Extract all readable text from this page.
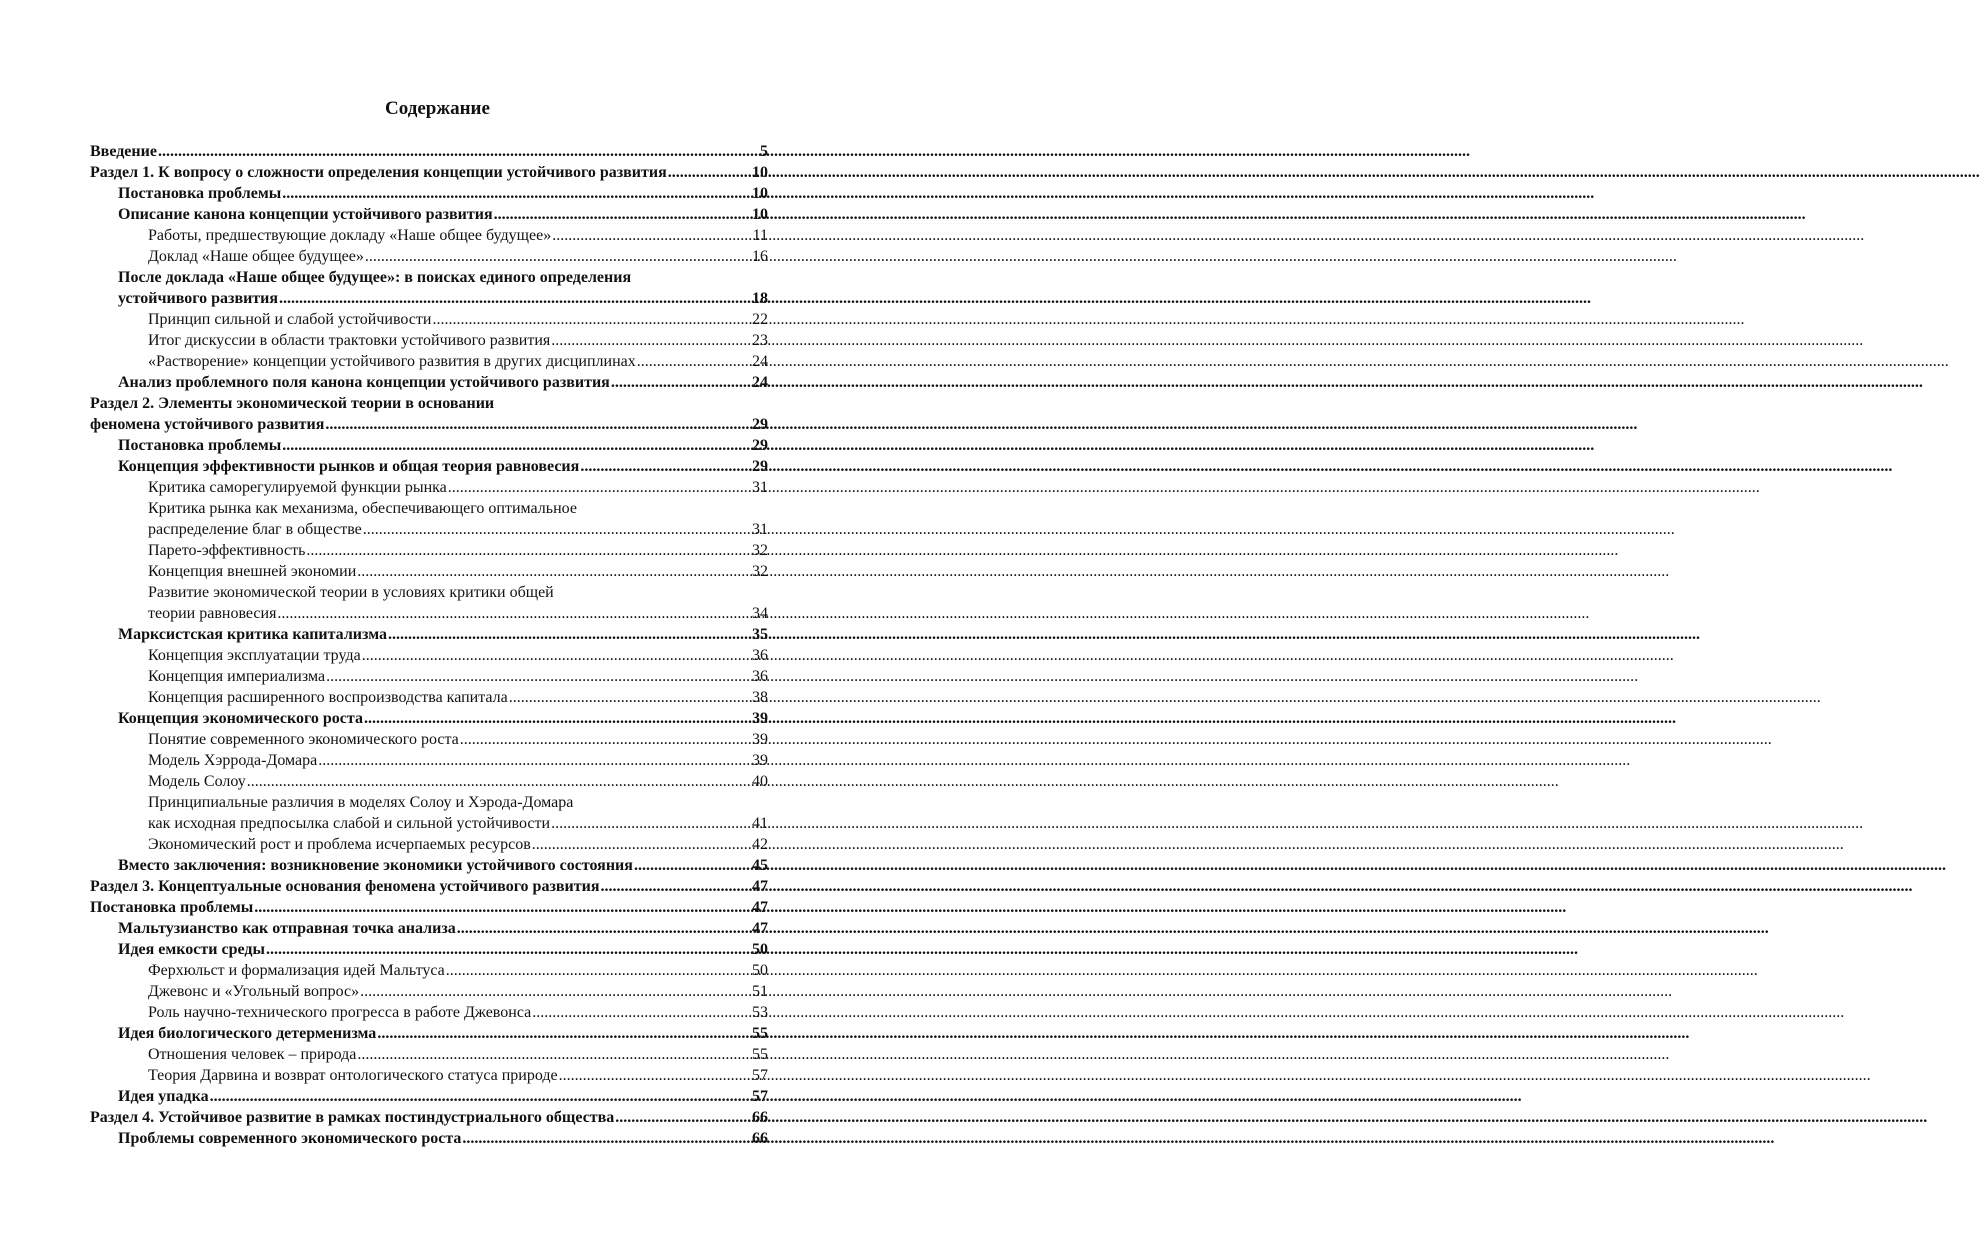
Содержание
Введение .....	5
Раздел 1. К вопросу о сложности определения концепции устойчивого развития .....	10
Постановка проблемы .....	10
Описание канона концепции устойчивого развития .....	10
Работы, предшествующие докладу «Наше общее будущее» .....	11
Доклад «Наше общее будущее» .....	16
После доклада «Наше общее будущее»: в поисках единого определения
устойчивого развития .....	18
Принцип сильной и слабой устойчивости .....	22
Итог дискуссии в области трактовки устойчивого развития .....	23
«Растворение» концепции устойчивого развития в других дисциплинах .....	24
Анализ проблемного поля канона концепции устойчивого развития .....	24
Раздел 2. Элементы экономической теории в основании
феномена устойчивого развития .....	29
Постановка проблемы .....	29
Концепция эффективности рынков и общая теория равновесия .....	29
Критика саморегулируемой функции рынка .....	31
Критика рынка как механизма, обеспечивающего оптимальное
распределение благ в обществе .....	31
Парето-эффективность .....	32
Концепция внешней экономии .....	32
Развитие экономической теории в условиях критики общей
теории равновесия .....	34
Марксистская критика капитализма .....	35
Концепция эксплуатации труда .....	36
Концепция империализма .....	36
Концепция расширенного воспроизводства капитала .....	38
Концепция экономического роста .....	39
Понятие современного экономического роста .....	39
Модель Хэррода-Домара .....	39
Модель Солоу .....	40
Принципиальные различия в моделях Солоу и Хэрода-Домара
как исходная предпосылка слабой и сильной устойчивости .....	41
Экономический рост и проблема исчерпаемых ресурсов .....	42
Вместо заключения: возникновение экономики устойчивого состояния .....	45
Раздел 3. Концептуальные основания феномена устойчивого развития .....	47
Постановка проблемы .....	47
Мальтузианство как отправная точка анализа .....	47
Идея емкости среды .....	50
Ферхюльст и формализация идей Мальтуса .....	50
Джевонс и «Угольный вопрос» .....	51
Роль научно-технического прогресса в работе Джевонса .....	53
Идея биологического детерменизма .....	55
Отношения человек – природа .....	55
Теория Дарвина и возврат онтологического статуса природе .....	57
Идея упадка .....	57
Раздел 4. Устойчивое развитие в рамках постиндустриального общества .....	66
Проблемы современного экономического роста .....	66
